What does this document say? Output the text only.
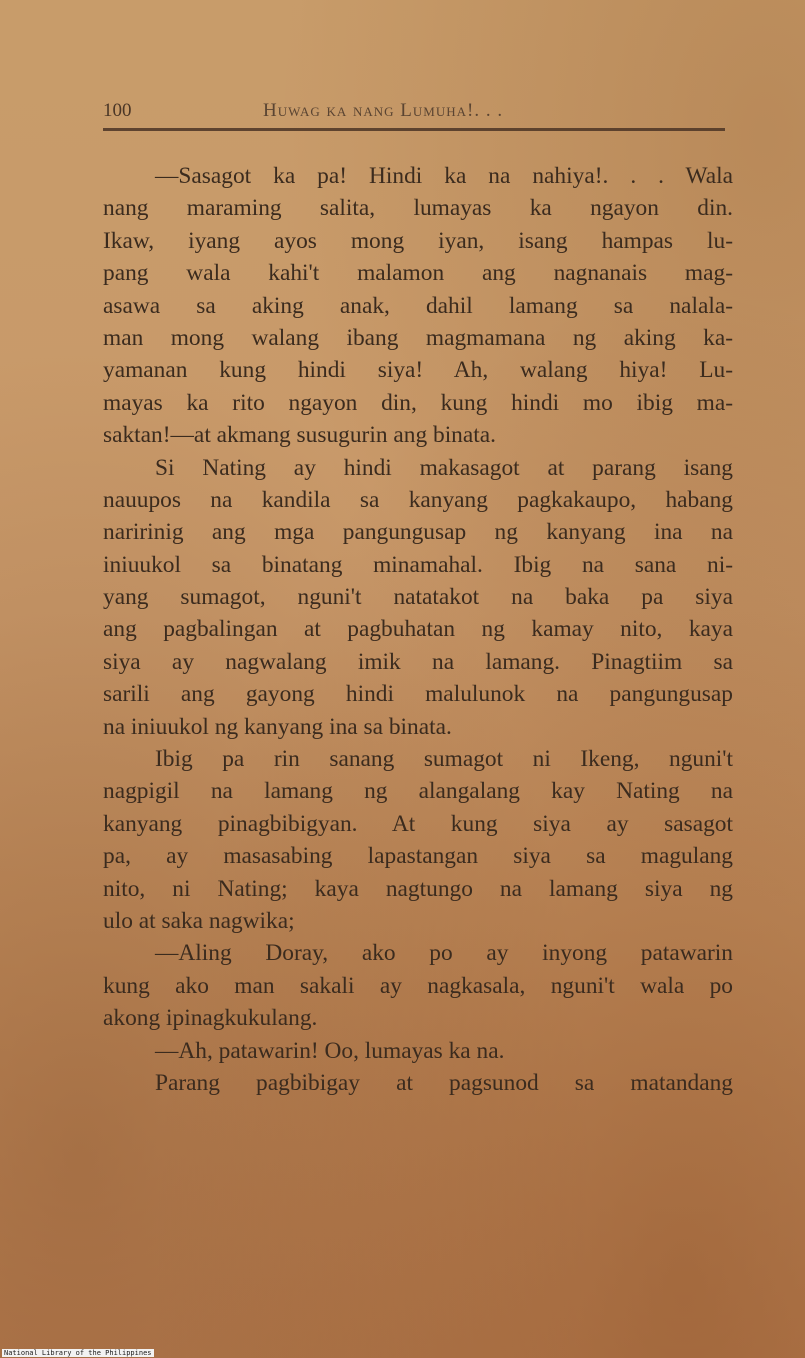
100	Huwag ka nang Lumuha!. . .
—Sasagot ka pa! Hindi ka na nahiya!. . . Wala
nang maraming salita, lumayas ka ngayon din.
Ikaw, iyang ayos mong iyan, isang hampas lu-
pang wala kahi't malamon ang nagnanais mag-
asawa sa aking anak, dahil lamang sa nalala-
man mong walang ibang magmamana ng aking ka-
yamanan kung hindi siya! Ah, walang hiya! Lu-
mayas ka rito ngayon din, kung hindi mo ibig ma-
saktan!—at akmang susugurin ang binata.
Si Nating ay hindi makasagot at parang isang
nauupos na kandila sa kanyang pagkakaupo, habang
naririnig ang mga pangungusap ng kanyang ina na
iniuukol sa binatang minamahal. Ibig na sana ni-
yang sumagot, nguni't natatakot na baka pa siya
ang pagbalingan at pagbuhatan ng kamay nito, kaya
siya ay nagwalang imik na lamang. Pinagtiim sa
sarili ang gayong hindi malulunok na pangungusap
na iniuukol ng kanyang ina sa binata.
Ibig pa rin sanang sumagot ni Ikeng, nguni't
nagpigil na lamang ng alangalang kay Nating na
kanyang pinagbibigyan. At kung siya ay sasagot
pa, ay masasabing lapastangan siya sa magulang
nito, ni Nating; kaya nagtungo na lamang siya ng
ulo at saka nagwika;
—Aling Doray, ako po ay inyong patawarin
kung ako man sakali ay nagkasala, nguni't wala po
akong ipinagkukulang.
—Ah, patawarin! Oo, lumayas ka na.
Parang pagbibigay at pagsunod sa matandang
National Library of the Philippines
